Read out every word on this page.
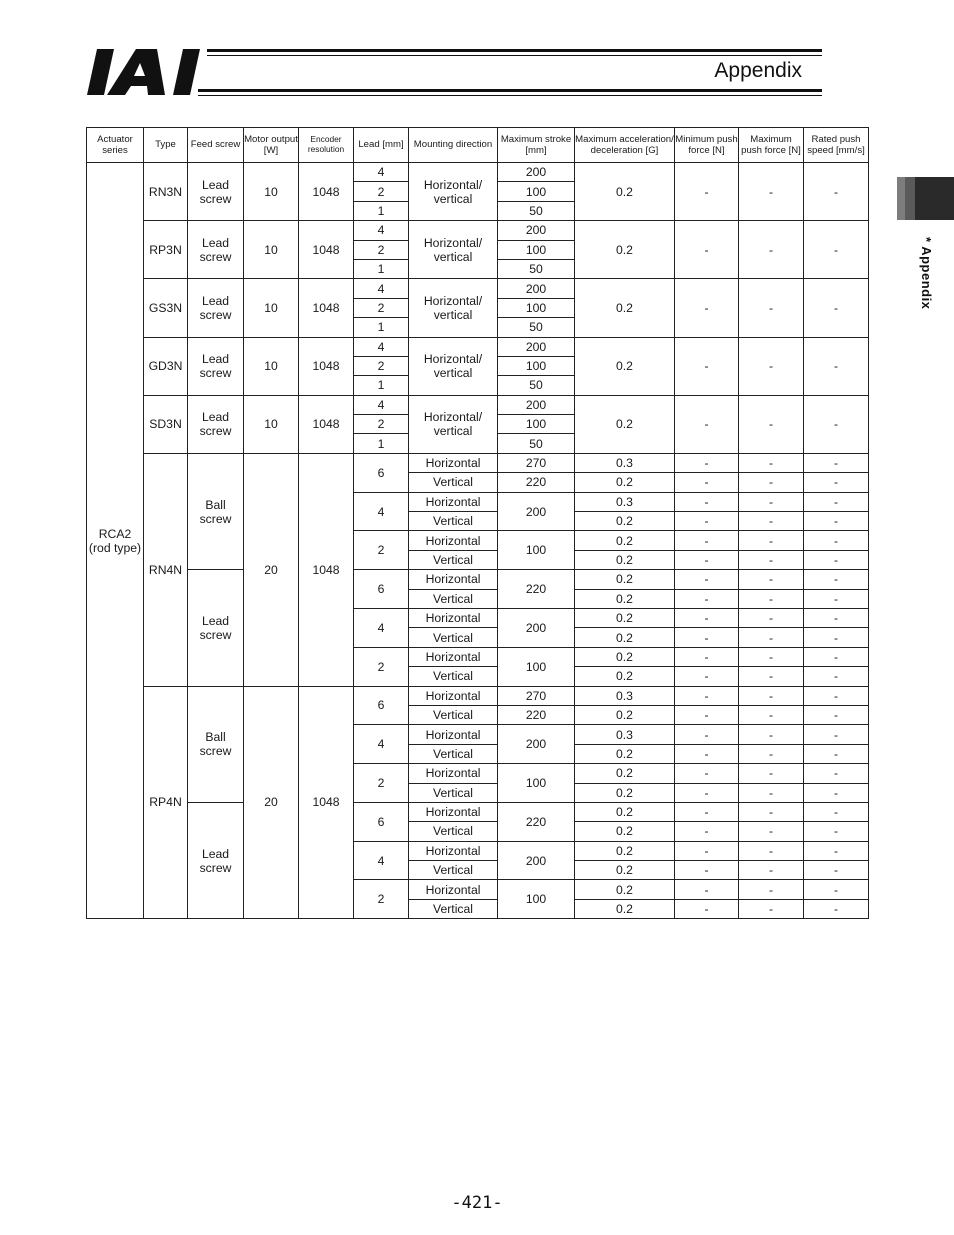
Appendix
* Appendix
Actuator series	Type	Feed screw	Motor output [W]	Encoder resolution	Lead [mm]	Mounting direction	Maximum stroke [mm]	Maximum acceleration/ deceleration [G]	Minimum push force [N]	Maximum push force [N]	Rated push speed [mm/s]
RCA2 (rod type)	RN3N	Lead screw	10	1048	4	Horizontal/ vertical	200	0.2	-	-	-
					2		100				
					1		50				
	RP3N	Lead screw	10	1048	4	Horizontal/ vertical	200	0.2	-	-	-
					2		100				
					1		50				
	GS3N	Lead screw	10	1048	4	Horizontal/ vertical	200	0.2	-	-	-
					2		100				
					1		50				
	GD3N	Lead screw	10	1048	4	Horizontal/ vertical	200	0.2	-	-	-
					2		100				
					1		50				
	SD3N	Lead screw	10	1048	4	Horizontal/ vertical	200	0.2	-	-	-
					2		100				
					1		50				
	RN4N	Ball screw	20	1048	6	Horizontal	270	0.3	-	-	-
						Vertical	220	0.2	-	-	-
					4	Horizontal	200	0.3	-	-	-
						Vertical		0.2	-	-	-
					2	Horizontal	100	0.2	-	-	-
						Vertical		0.2	-	-	-
		Lead screw			6	Horizontal	220	0.2	-	-	-
						Vertical		0.2	-	-	-
					4	Horizontal	200	0.2	-	-	-
						Vertical		0.2	-	-	-
					2	Horizontal	100	0.2	-	-	-
						Vertical		0.2	-	-	-
	RP4N	Ball screw	20	1048	6	Horizontal	270	0.3	-	-	-
						Vertical	220	0.2	-	-	-
					4	Horizontal	200	0.3	-	-	-
						Vertical		0.2	-	-	-
					2	Horizontal	100	0.2	-	-	-
						Vertical		0.2	-	-	-
		Lead screw			6	Horizontal	220	0.2	-	-	-
						Vertical		0.2	-	-	-
					4	Horizontal	200	0.2	-	-	-
						Vertical		0.2	-	-	-
					2	Horizontal	100	0.2	-	-	-
						Vertical		0.2	-	-	-
-421-
